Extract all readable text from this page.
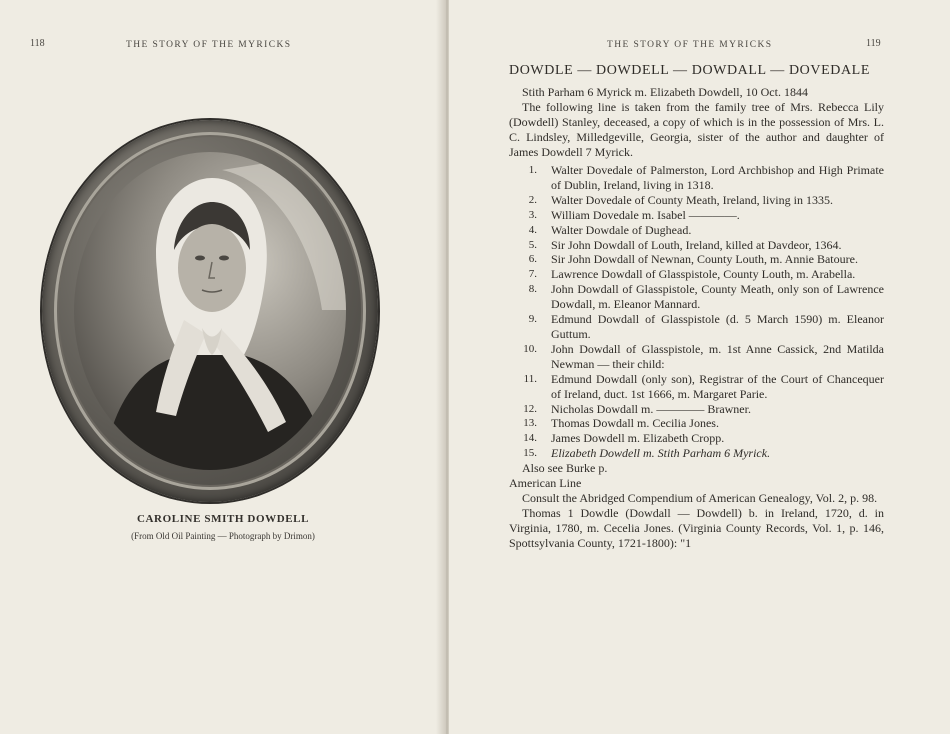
118	THE STORY OF THE MYRICKS
CAROLINE SMITH DOWDELL
(From Old Oil Painting — Photograph by Drimon)
THE STORY OF THE MYRICKS	119
DOWDLE — DOWDELL — DOWDALL — DOVEDALE
Stith Parham 6 Myrick m. Elizabeth Dowdell, 10 Oct. 1844
The following line is taken from the family tree of Mrs. Rebecca Lily (Dowdell) Stanley, deceased, a copy of which is in the possession of Mrs. L. C. Lindsley, Milledgeville, Georgia, sister of the author and daughter of James Dowdell 7 Myrick.
1. Walter Dovedale of Palmerston, Lord Archbishop and High Primate of Dublin, Ireland, living in 1318.
2. Walter Dovedale of County Meath, Ireland, living in 1335.
3. William Dovedale m. Isabel ————.
4. Walter Dowdale of Dughead.
5. Sir John Dowdall of Louth, Ireland, killed at Davdeor, 1364.
6. Sir John Dowdall of Newnan, County Louth, m. Annie Batoure.
7. Lawrence Dowdall of Glasspistole, County Louth, m. Arabella.
8. John Dowdall of Glasspistole, County Meath, only son of Lawrence Dowdall, m. Eleanor Mannard.
9. Edmund Dowdall of Glasspistole (d. 5 March 1590) m. Eleanor Guttum.
10. John Dowdall of Glasspistole, m. 1st Anne Cassick, 2nd Matilda Newman — their child:
11. Edmund Dowdall (only son), Registrar of the Court of Chancequer of Ireland, duct. 1st 1666, m. Margaret Parie.
12. Nicholas Dowdall m. ———— Brawner.
13. Thomas Dowdall m. Cecilia Jones.
14. James Dowdell m. Elizabeth Cropp.
15. Elizabeth Dowdell m. Stith Parham 6 Myrick.
Also see Burke p.
American Line
Consult the Abridged Compendium of American Genealogy, Vol. 2, p. 98.
Thomas 1 Dowdle (Dowdall — Dowdell) b. in Ireland, 1720, d. in Virginia, 1780, m. Cecelia Jones. (Virginia County Records, Vol. 1, p. 146, Spottsylvania County, 1721-1800): "1
